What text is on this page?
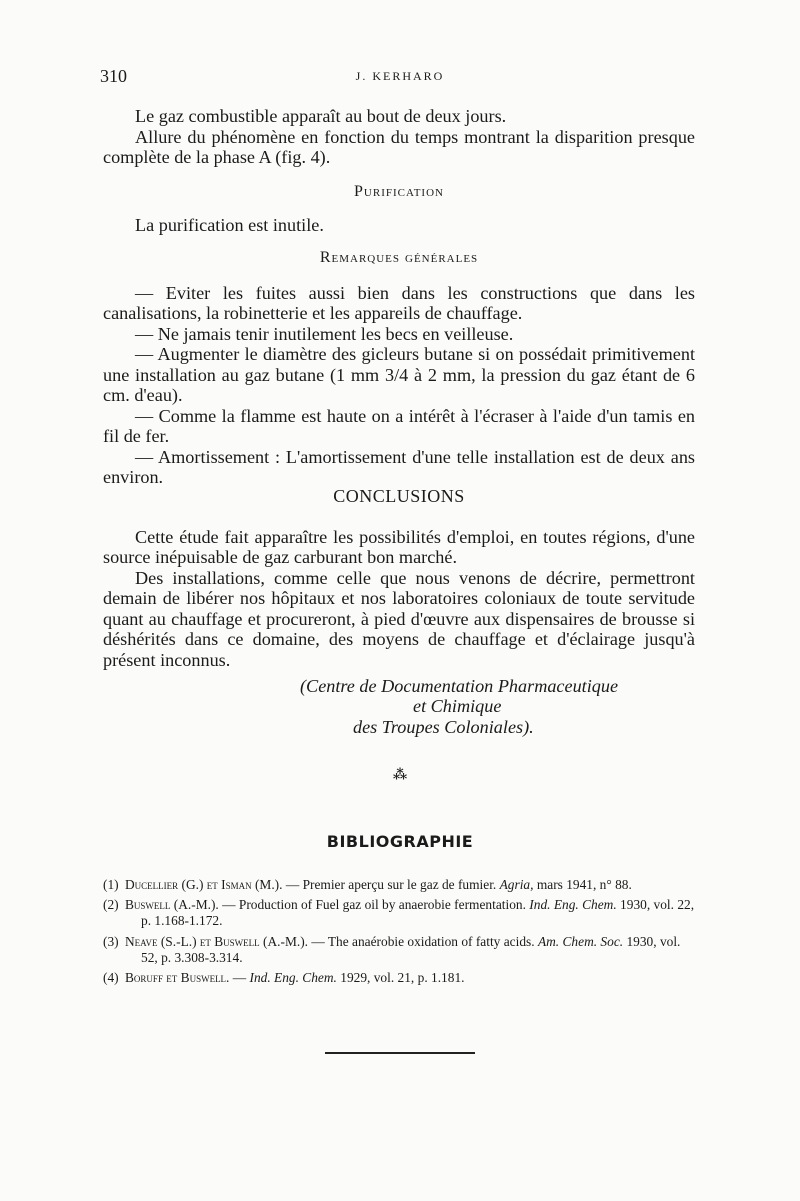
310	J. KERHARO

Le gaz combustible apparaît au bout de deux jours.

Allure du phénomène en fonction du temps montrant la disparition presque complète de la phase A (fig. 4).

Purification

La purification est inutile.

Remarques générales

— Eviter les fuites aussi bien dans les constructions que dans les canalisations, la robinetterie et les appareils de chauffage.

— Ne jamais tenir inutilement les becs en veilleuse.

— Augmenter le diamètre des gicleurs butane si on possédait primitivement une installation au gaz butane (1 mm 3/4 à 2 mm, la pression du gaz étant de 6 cm. d'eau).

— Comme la flamme est haute on a intérêt à l'écraser à l'aide d'un tamis en fil de fer.

— Amortissement : L'amortissement d'une telle installation est de deux ans environ.

CONCLUSIONS

Cette étude fait apparaître les possibilités d'emploi, en toutes régions, d'une source inépuisable de gaz carburant bon marché.

Des installations, comme celle que nous venons de décrire, permettront demain de libérer nos hôpitaux et nos laboratoires coloniaux de toute servitude quant au chauffage et procureront, à pied d'œuvre aux dispensaires de brousse si déshérités dans ce domaine, des moyens de chauffage et d'éclairage jusqu'à présent inconnus.

(Centre de Documentation Pharmaceutique
et Chimique
des Troupes Coloniales).
⁂
BIBLIOGRAPHIE

(1) Ducellier (G.) et Isman (M.). — Premier aperçu sur le gaz de fumier. Agria, mars 1941, n° 88.

(2) Buswell (A.-M.). — Production of Fuel gaz oil by anaerobie fermentation. Ind. Eng. Chem. 1930, vol. 22, p. 1.168-1.172.

(3) Neave (S.-L.) et Buswell (A.-M.). — The anaérobie oxidation of fatty acids. Am. Chem. Soc. 1930, vol. 52, p. 3.308-3.314.

(4) Boruff et Buswell. — Ind. Eng. Chem. 1929, vol. 21, p. 1.181.
